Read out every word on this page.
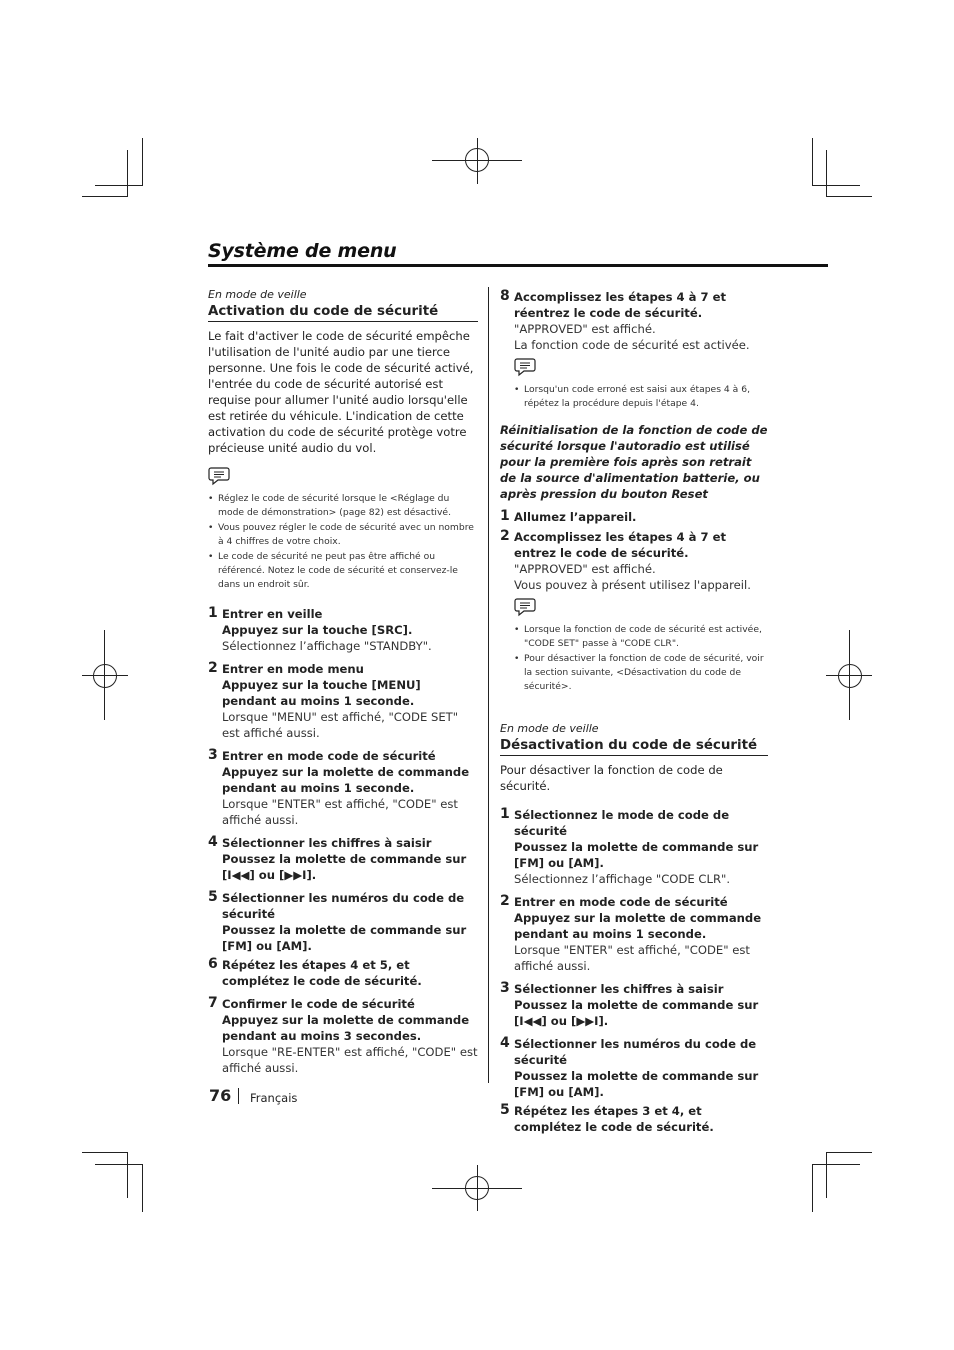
Système de menu
En mode de veille
Activation du code de sécurité

Le fait d'activer le code de sécurité empêche l'utilisation de l'unité audio par une tierce personne. Une fois le code de sécurité activé, l'entrée du code de sécurité autorisé est requise pour allumer l'unité audio lorsqu'elle est retirée du véhicule. L'indication de cette activation du code de sécurité protège votre précieuse unité audio du vol.

• Réglez le code de sécurité lorsque le <Réglage du mode de démonstration> (page 82) est désactivé.
• Vous pouvez régler le code de sécurité avec un nombre à 4 chiffres de votre choix.
• Le code de sécurité ne peut pas être affiché ou référencé. Notez le code de sécurité et conservez-le dans un endroit sûr.
1 Entrer en veille
Appuyez sur la touche [SRC].
Sélectionnez l’affichage "STANDBY".
2 Entrer en mode menu
Appuyez sur la touche [MENU] pendant au moins 1 seconde.
Lorsque "MENU" est affiché, "CODE SET" est affiché aussi.
3 Entrer en mode code de sécurité
Appuyez sur la molette de commande pendant au moins 1 seconde.
Lorsque "ENTER" est affiché, "CODE" est affiché aussi.
4 Sélectionner les chiffres à saisir
Poussez la molette de commande sur [I◀◀] ou [▶▶I].
5 Sélectionner les numéros du code de sécurité
Poussez la molette de commande sur [FM] ou [AM].
6 Répétez les étapes 4 et 5, et complétez le code de sécurité.
7 Confirmer le code de sécurité
Appuyez sur la molette de commande pendant au moins 3 secondes.
Lorsque "RE-ENTER" est affiché, "CODE" est affiché aussi.
8 Accomplissez les étapes 4 à 7 et réentrez le code de sécurité.
"APPROVED" est affiché.
La fonction code de sécurité est activée.
• Lorsqu'un code erroné est saisi aux étapes 4 à 6, répétez la procédure depuis l'étape 4.
Réinitialisation de la fonction de code de sécurité lorsque l'autoradio est utilisé pour la première fois après son retrait de la source d'alimentation batterie, ou après pression du bouton Reset
1 Allumez l’appareil.
2 Accomplissez les étapes 4 à 7 et entrez le code de sécurité.
"APPROVED" est affiché.
Vous pouvez à présent utilisez l'appareil.
• Lorsque la fonction de code de sécurité est activée, "CODE SET" passe à "CODE CLR".
• Pour désactiver la fonction de code de sécurité, voir la section suivante, <Désactivation du code de sécurité>.
En mode de veille
Désactivation du code de sécurité

Pour désactiver la fonction de code de sécurité.

1 Sélectionnez le mode de code de sécurité
Poussez la molette de commande sur [FM] ou [AM].
Sélectionnez l’affichage "CODE CLR".
2 Entrer en mode code de sécurité
Appuyez sur la molette de commande pendant au moins 1 seconde.
Lorsque "ENTER" est affiché, "CODE" est affiché aussi.
3 Sélectionner les chiffres à saisir
Poussez la molette de commande sur [I◀◀] ou [▶▶I].
4 Sélectionner les numéros du code de sécurité
Poussez la molette de commande sur [FM] ou [AM].
5 Répétez les étapes 3 et 4, et complétez le code de sécurité.
76 Français
